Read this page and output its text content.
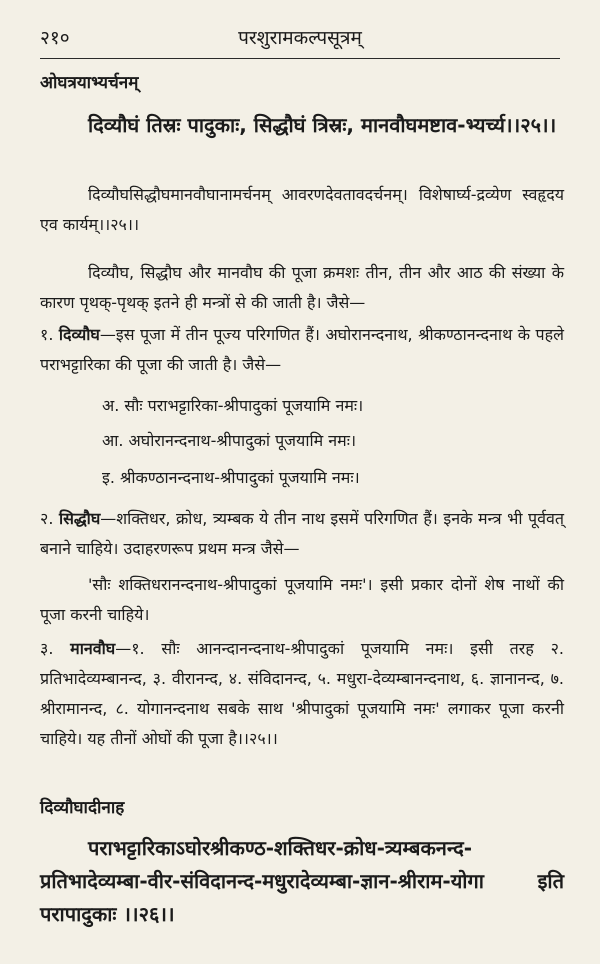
२१०	परशुरामकल्पसूत्रम्
ओघत्रयाभ्यर्चनम्
दिव्यौघं तिस्रः पादुकाः, सिद्धौघं त्रिस्रः, मानवौघमष्टाव-भ्यर्च्य।।२५।।
दिव्यौघसिद्धौघमानवौघानामर्चनम् आवरणदेवतावदर्चनम्। विशेषार्घ्य-द्रव्येण स्वहृदय एव कार्यम्।।२५।।
दिव्यौघ, सिद्धौघ और मानवौघ की पूजा क्रमशः तीन, तीन और आठ की संख्या के कारण पृथक्-पृथक् इतने ही मन्त्रों से की जाती है। जैसे—
१. दिव्यौघ—इस पूजा में तीन पूज्य परिगणित हैं। अघोरानन्दनाथ, श्रीकण्ठानन्दनाथ के पहले पराभट्टारिका की पूजा की जाती है। जैसे—
अ. सौः पराभट्टारिका-श्रीपादुकां पूजयामि नमः।
आ. अघोरानन्दनाथ-श्रीपादुकां पूजयामि नमः।
इ. श्रीकण्ठानन्दनाथ-श्रीपादुकां पूजयामि नमः।
२. सिद्धौघ—शक्तिधर, क्रोध, त्र्यम्बक ये तीन नाथ इसमें परिगणित हैं। इनके मन्त्र भी पूर्ववत् बनाने चाहिये। उदाहरणरूप प्रथम मन्त्र जैसे—
'सौः शक्तिधरानन्दनाथ-श्रीपादुकां पूजयामि नमः'। इसी प्रकार दोनों शेष नाथों की पूजा करनी चाहिये।
३. मानवौघ—१. सौः आनन्दानन्दनाथ-श्रीपादुकां पूजयामि नमः। इसी तरह २. प्रतिभादेव्यम्बानन्द, ३. वीरानन्द, ४. संविदानन्द, ५. मधुरा-देव्यम्बानन्दनाथ, ६. ज्ञानानन्द, ७. श्रीरामानन्द, ८. योगानन्दनाथ सबके साथ 'श्रीपादुकां पूजयामि नमः' लगाकर पूजा करनी चाहिये। यह तीनों ओघों की पूजा है।।२५।।
दिव्यौघादीनाह
पराभट्टारिकाऽघोरश्रीकण्ठ-शक्तिधर-क्रोध-त्र्यम्बकनन्द-प्रतिभादेव्यम्बा-वीर-संविदानन्द-मधुरादेव्यम्बा-ज्ञान-श्रीराम-योगा इति परापादुकाः ।।२६।।
